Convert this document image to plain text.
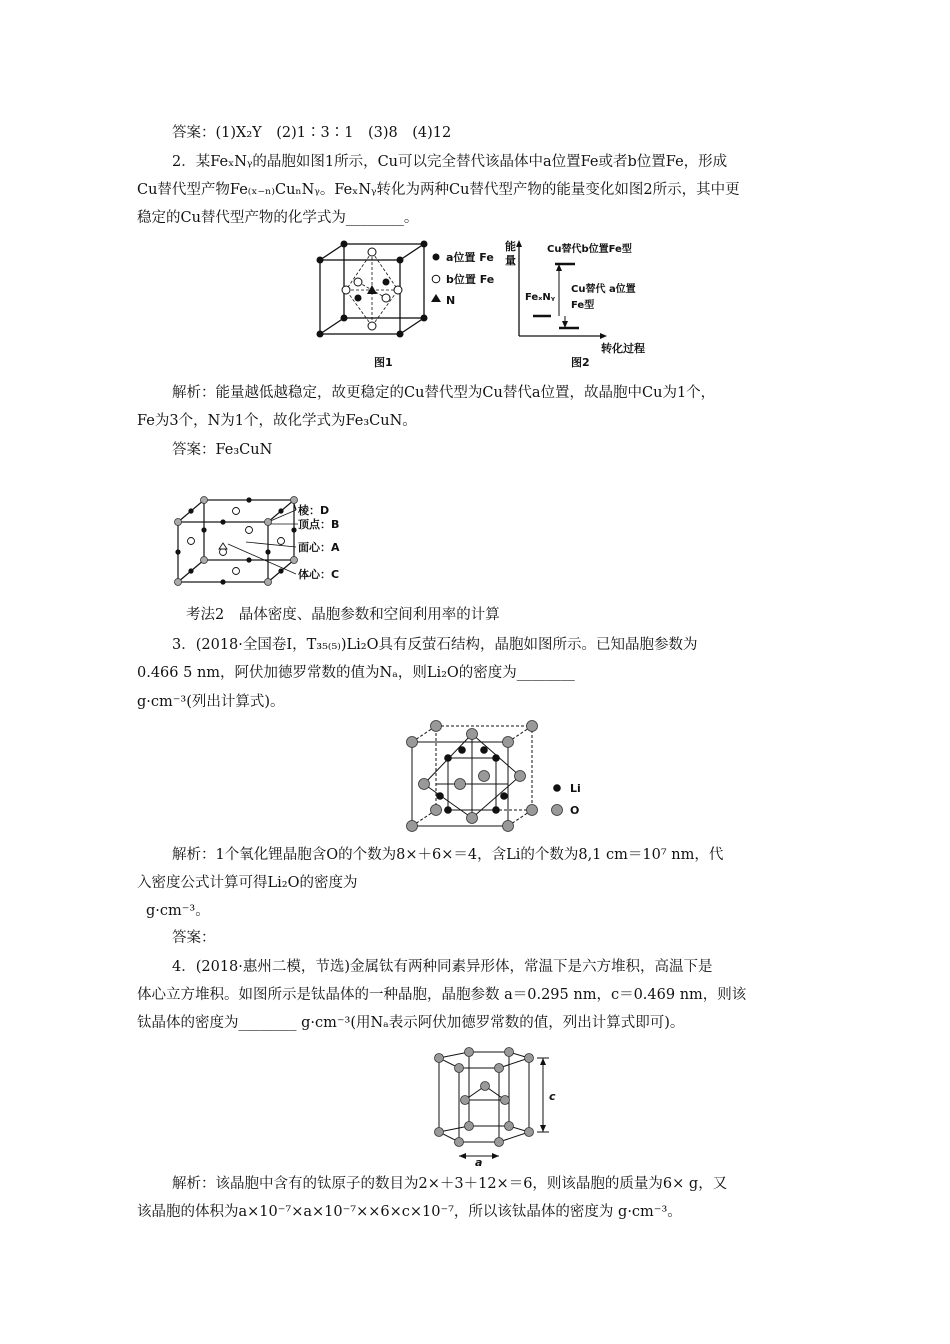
答案：(1)X₂Y　(2)1∶3∶1　(3)8　(4)12
2．某FeₓNᵧ的晶胞如图1所示，Cu可以完全替代该晶体中a位置Fe或者b位置Fe，形成
Cu替代型产物Fe₍ₓ₋ₙ₎CuₙNᵧ。FeₓNᵧ转化为两种Cu替代型产物的能量变化如图2所示，其中更
稳定的Cu替代型产物的化学式为________。
a位置 Fe
b位置 Fe
N
图1
能
量
Cu替代b位置Fe型
FeₓNᵧ
Cu替代 a位置
Fe型
转化过程
图2
解析：能量越低越稳定，故更稳定的Cu替代型为Cu替代a位置，故晶胞中Cu为1个，
Fe为3个，N为1个，故化学式为Fe₃CuN。
答案：Fe₃CuN
棱：D
顶点：B
面心：A
体心：C
考法2　晶体密度、晶胞参数和空间利用率的计算
3．(2018·全国卷Ⅰ，T₃₅₍₅₎)Li₂O具有反萤石结构，晶胞如图所示。已知晶胞参数为
0.466 5 nm，阿伏加德罗常数的值为Nₐ，则Li₂O的密度为________
g·cm⁻³(列出计算式)。
Li
O
解析：1个氧化锂晶胞含O的个数为8×＋6×＝4，含Li的个数为8,1 cm＝10⁷ nm，代
入密度公式计算可得Li₂O的密度为
g·cm⁻³。
答案：
4．(2018·惠州二模，节选)金属钛有两种同素异形体，常温下是六方堆积，高温下是
体心立方堆积。如图所示是钛晶体的一种晶胞，晶胞参数 a＝0.295 nm，c＝0.469 nm，则该
钛晶体的密度为________ g·cm⁻³(用Nₐ表示阿伏加德罗常数的值，列出计算式即可)。
c
a
解析：该晶胞中含有的钛原子的数目为2×＋3＋12×＝6，则该晶胞的质量为6× g，又
该晶胞的体积为a×10⁻⁷×a×10⁻⁷××6×c×10⁻⁷，所以该钛晶体的密度为 g·cm⁻³。
